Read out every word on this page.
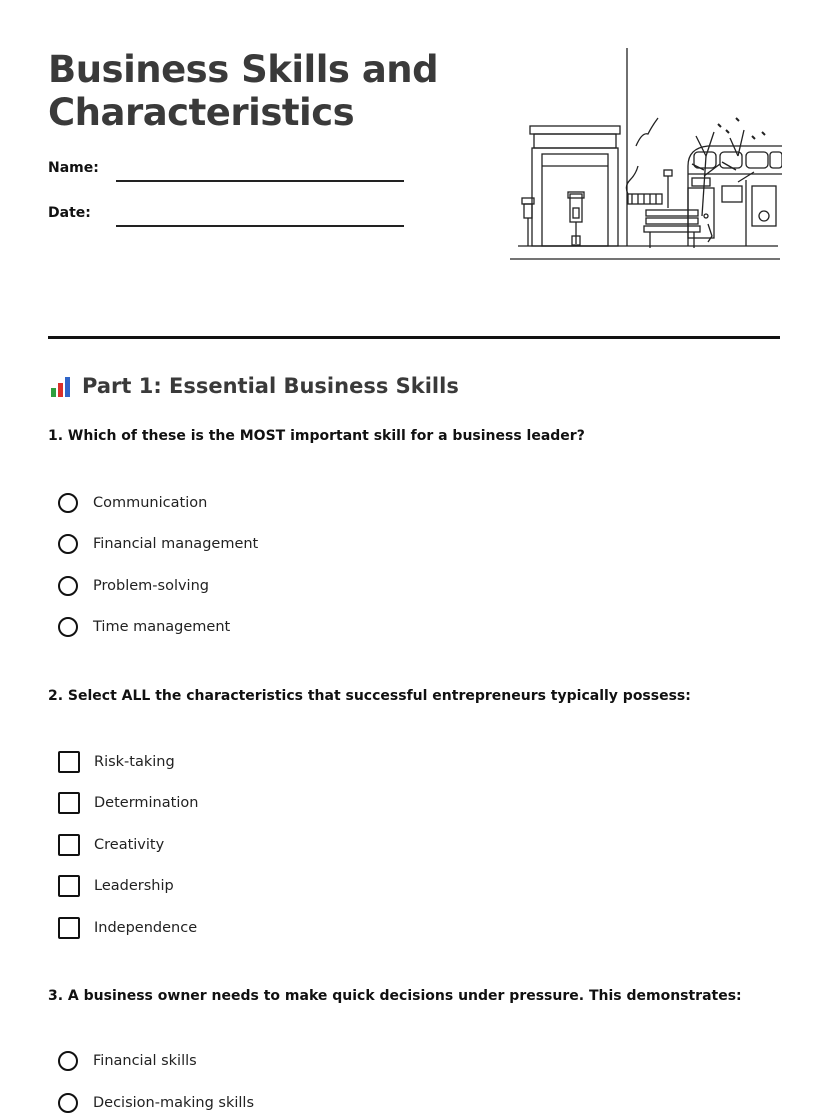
Business Skills and
Characteristics
Name:
Date:
Part 1: Essential Business Skills

1. Which of these is the MOST important skill for a business leader?

Communication
Financial management
Problem-solving
Time management

2. Select ALL the characteristics that successful entrepreneurs typically possess:

Risk-taking
Determination
Creativity
Leadership
Independence

3. A business owner needs to make quick decisions under pressure. This demonstrates:

Financial skills
Decision-making skills
